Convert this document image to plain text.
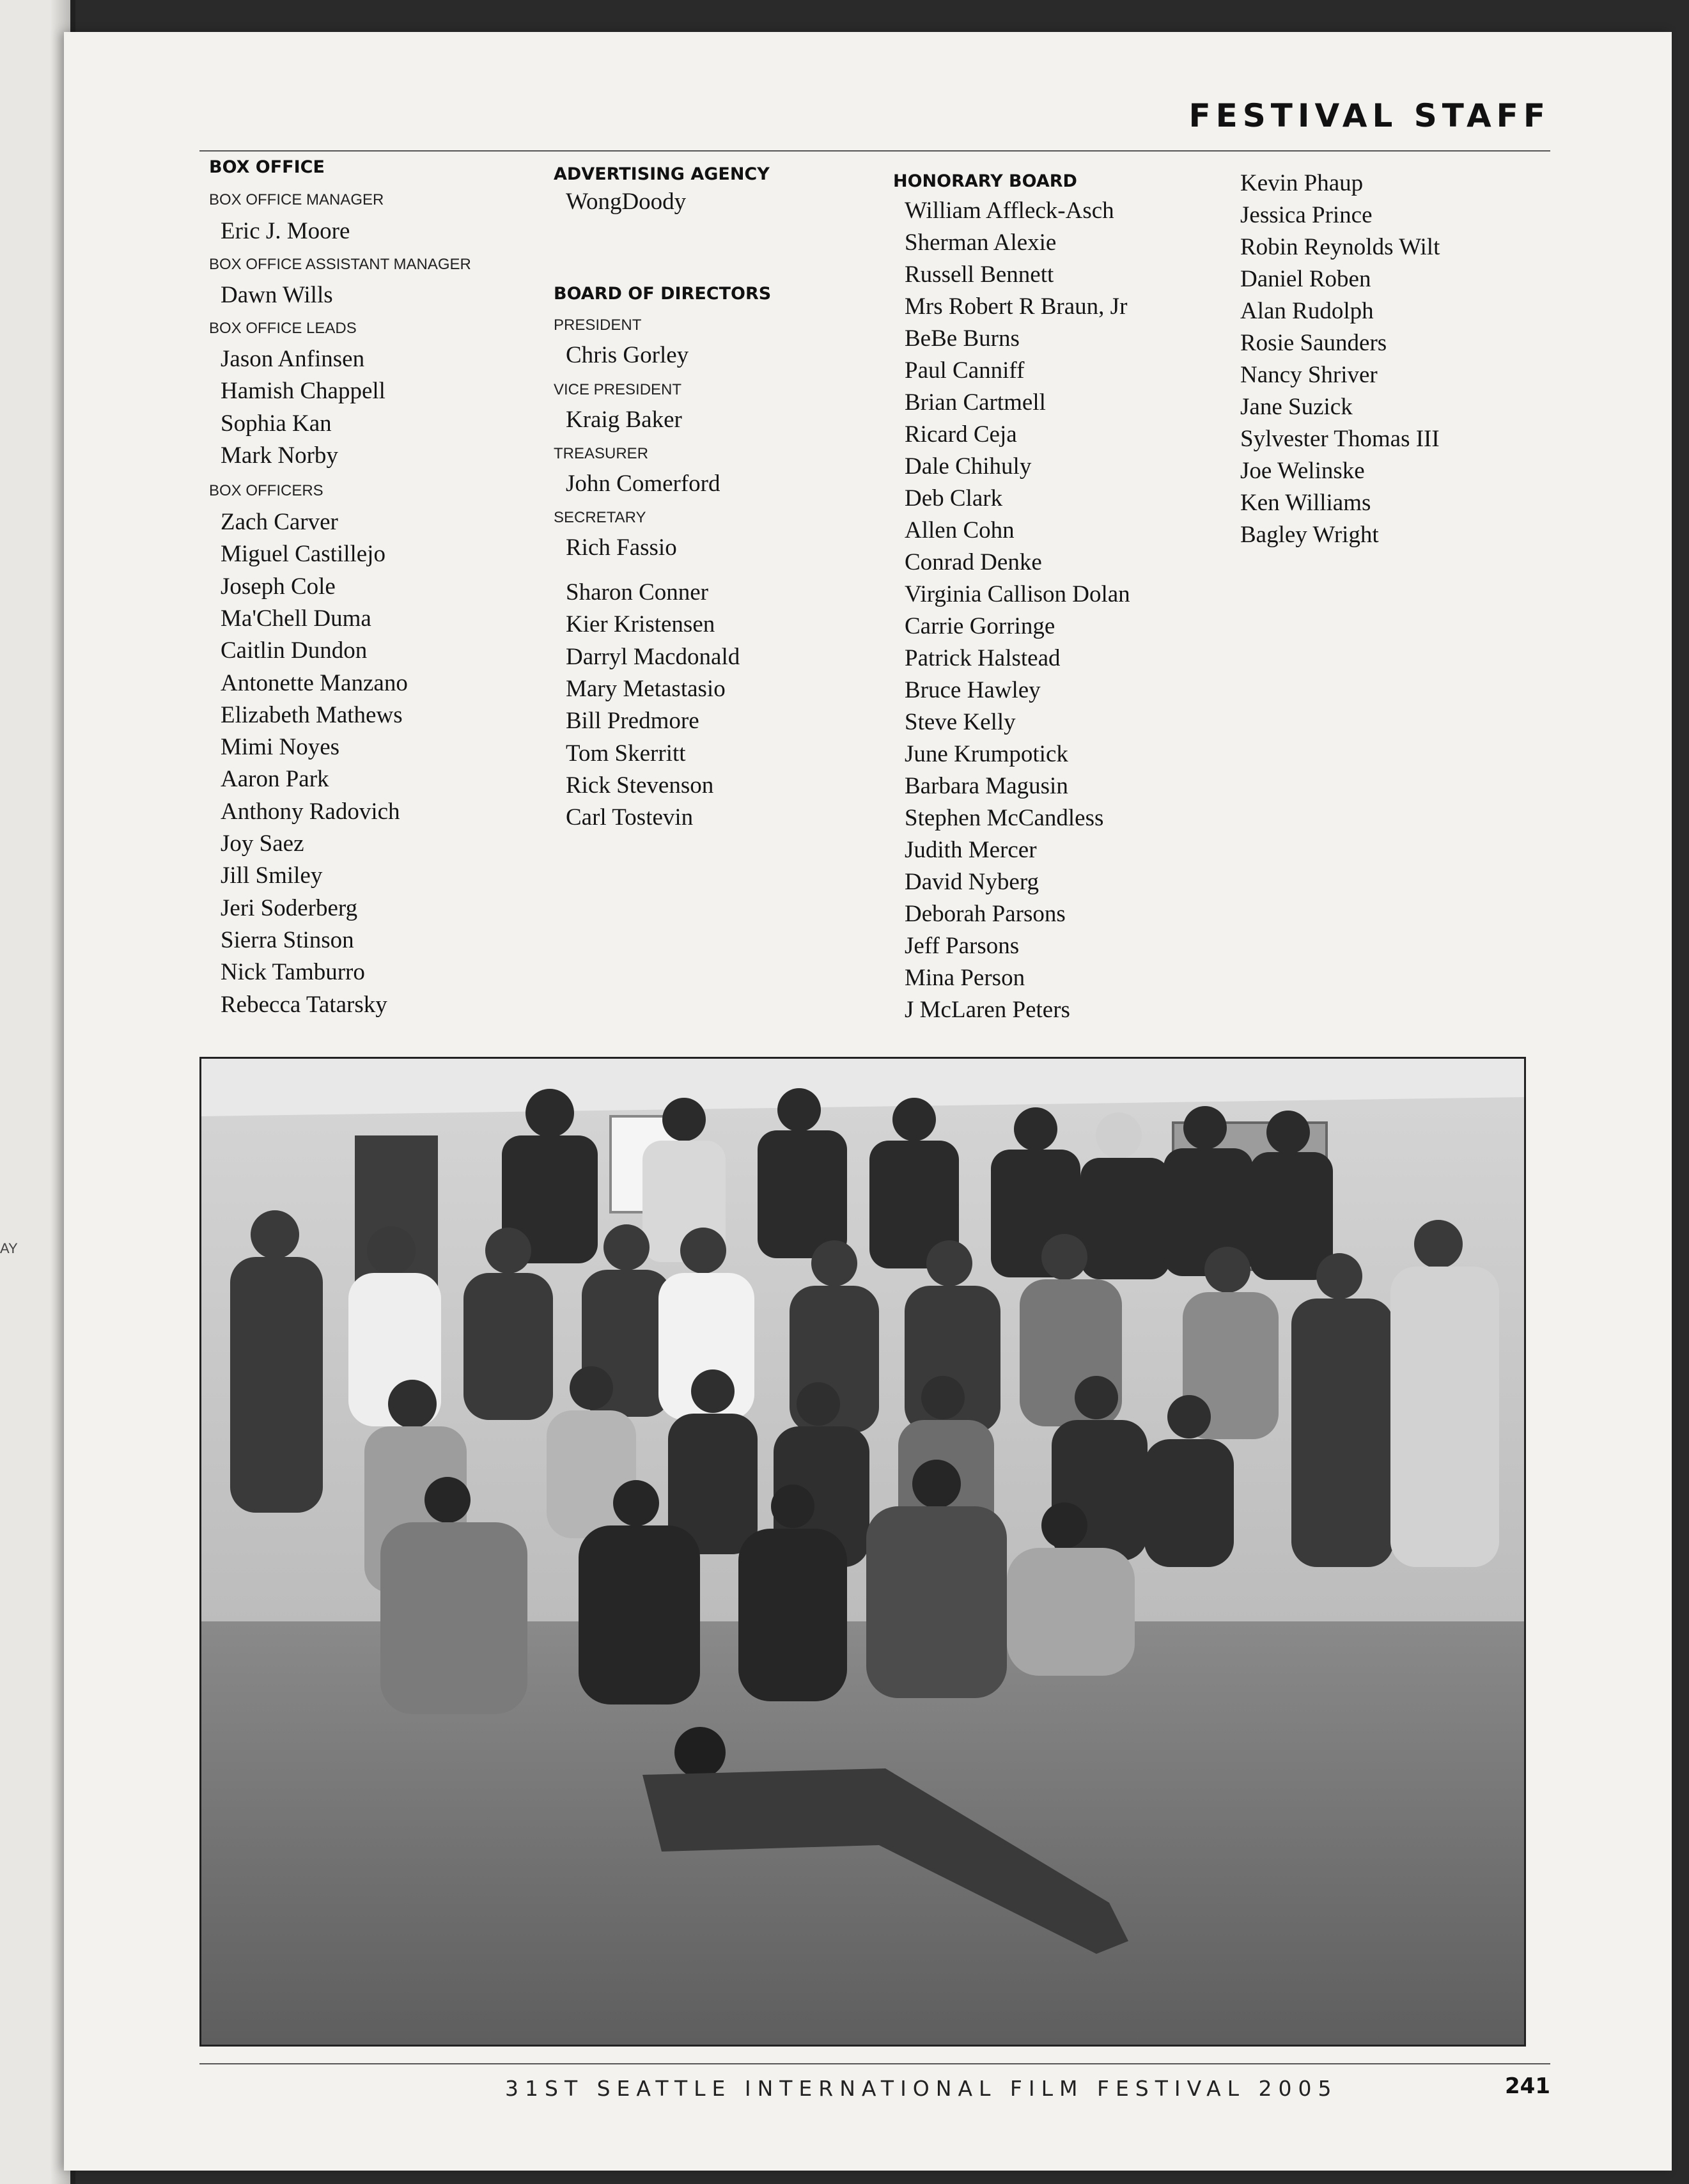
AY
FESTIVAL STAFF
BOX OFFICE
BOX OFFICE MANAGER
Eric J. Moore
BOX OFFICE ASSISTANT MANAGER
Dawn Wills
BOX OFFICE LEADS
Jason Anfinsen
Hamish Chappell
Sophia Kan
Mark Norby
BOX OFFICERS
Zach Carver
Miguel Castillejo
Joseph Cole
Ma'Chell Duma
Caitlin Dundon
Antonette Manzano
Elizabeth Mathews
Mimi Noyes
Aaron Park
Anthony Radovich
Joy Saez
Jill Smiley
Jeri Soderberg
Sierra Stinson
Nick Tamburro
Rebecca Tatarsky
ADVERTISING AGENCY
WongDoody
BOARD OF DIRECTORS
PRESIDENT
Chris Gorley
VICE PRESIDENT
Kraig Baker
TREASURER
John Comerford
SECRETARY
Rich Fassio
Sharon Conner
Kier Kristensen
Darryl Macdonald
Mary Metastasio
Bill Predmore
Tom Skerritt
Rick Stevenson
Carl Tostevin
HONORARY BOARD
William Affleck-Asch
Sherman Alexie
Russell Bennett
Mrs Robert R Braun, Jr
BeBe Burns
Paul Canniff
Brian Cartmell
Ricard Ceja
Dale Chihuly
Deb Clark
Allen Cohn
Conrad Denke
Virginia Callison Dolan
Carrie Gorringe
Patrick Halstead
Bruce Hawley
Steve Kelly
June Krumpotick
Barbara Magusin
Stephen McCandless
Judith Mercer
David Nyberg
Deborah Parsons
Jeff Parsons
Mina Person
J McLaren Peters
Kevin Phaup
Jessica Prince
Robin Reynolds Wilt
Daniel Roben
Alan Rudolph
Rosie Saunders
Nancy Shriver
Jane Suzick
Sylvester Thomas III
Joe Welinske
Ken Williams
Bagley Wright
31ST SEATTLE INTERNATIONAL FILM FESTIVAL 2005	241
